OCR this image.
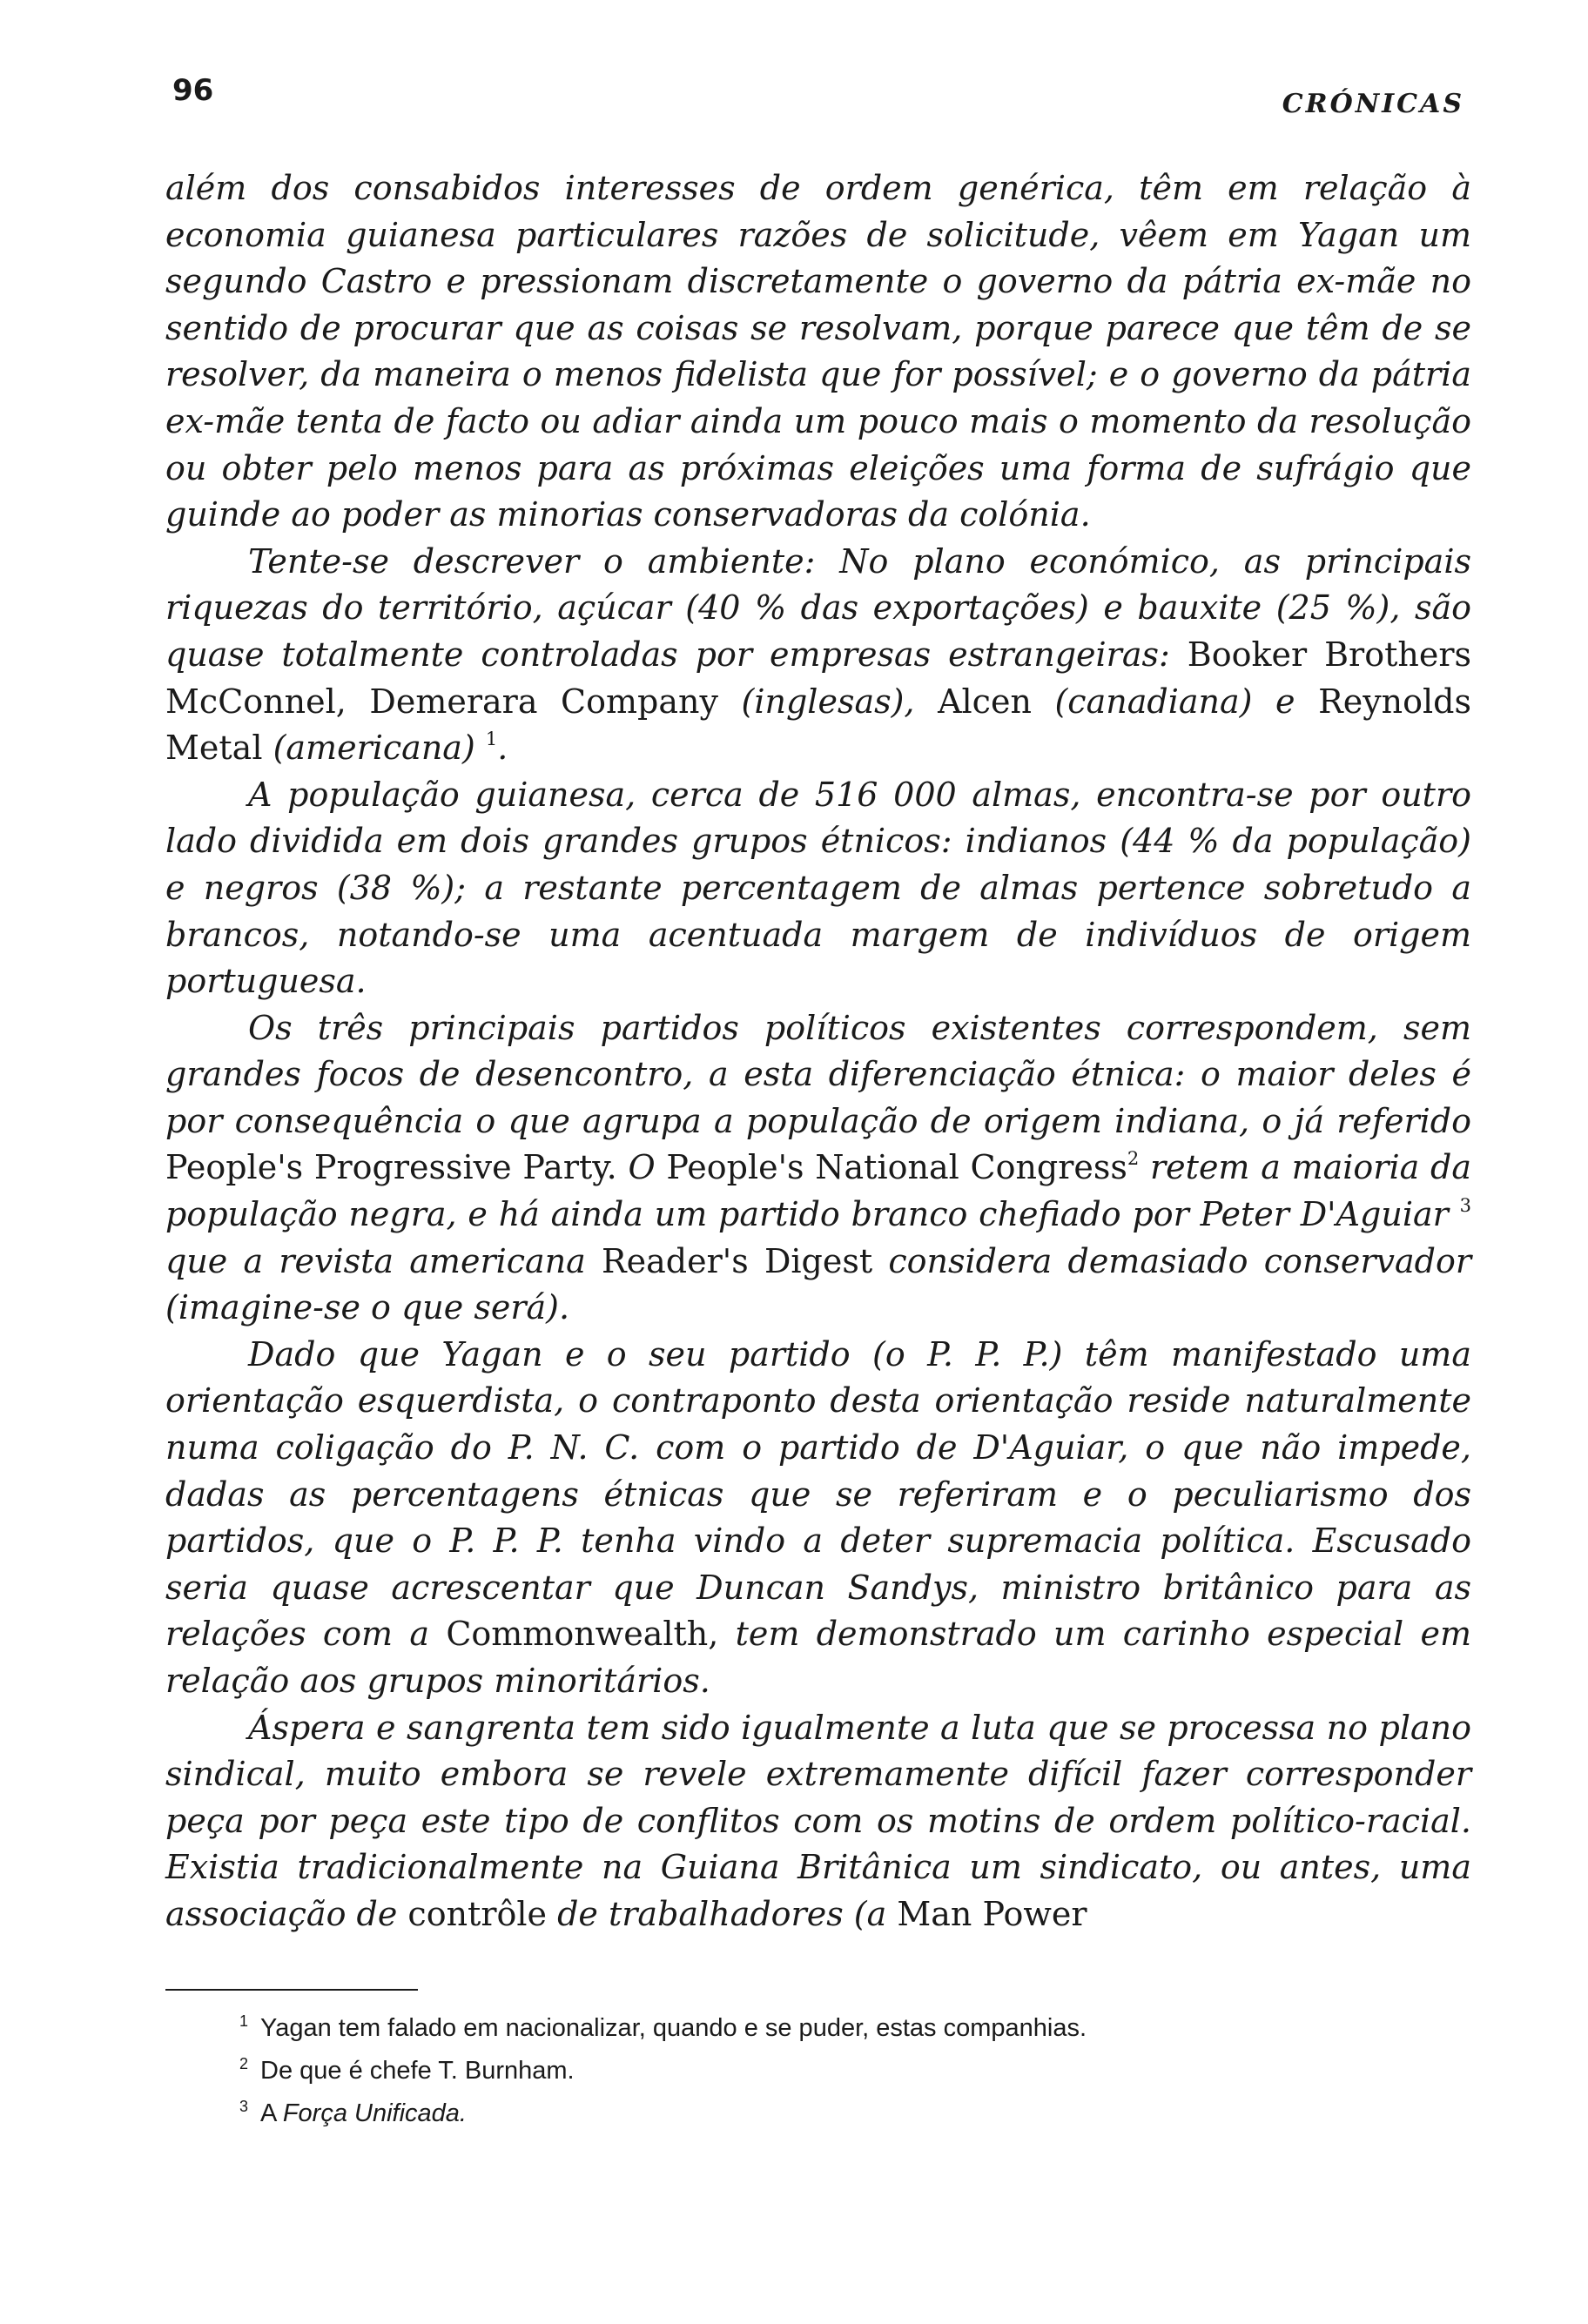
96	CRÓNICAS

além dos consabidos interesses de ordem genérica, têm em relação à economia guianesa particulares razões de solicitude, vêem em Yagan um segundo Castro e pressionam discretamente o governo da pátria ex-mãe no sentido de procurar que as coisas se resolvam, porque parece que têm de se resolver, da maneira o menos fidelista que for possível; e o governo da pátria ex-mãe tenta de facto ou adiar ainda um pouco mais o momento da resolução ou obter pelo menos para as próximas eleições uma forma de sufrágio que guinde ao poder as minorias conservadoras da colónia.

Tente-se descrever o ambiente: No plano económico, as principais riquezas do território, açúcar (40 % das exportações) e bauxite (25 %), são quase totalmente controladas por empresas estrangeiras: Booker Brothers McConnel, Demerara Company (inglesas), Alcen (canadiana) e Reynolds Metal (americana) $^1$.

A população guianesa, cerca de 516 000 almas, encontra-se por outro lado dividida em dois grandes grupos étnicos: indianos (44 % da população) e negros (38 %); a restante percentagem de almas pertence sobretudo a brancos, notando-se uma acentuada margem de indivíduos de origem portuguesa.

Os três principais partidos políticos existentes correspondem, sem grandes focos de desencontro, a esta diferenciação étnica: o maior deles é por consequência o que agrupa a população de origem indiana, o já referido People's Progressive Party. O People's National Congress$^2$ retem a maioria da população negra, e há ainda um partido branco chefiado por Peter D'Aguiar $^3$ que a revista americana Reader's Digest considera demasiado conservador (imagine-se o que será).

Dado que Yagan e o seu partido (o P. P. P.) têm manifestado uma orientação esquerdista, o contraponto desta orientação reside naturalmente numa coligação do P. N. C. com o partido de D'Aguiar, o que não impede, dadas as percentagens étnicas que se referiram e o peculiarismo dos partidos, que o P. P. P. tenha vindo a deter supremacia política. Escusado seria quase acrescentar que Duncan Sandys, ministro britânico para as relações com a Commonwealth, tem demonstrado um carinho especial em relação aos grupos minoritários.

Áspera e sangrenta tem sido igualmente a luta que se processa no plano sindical, muito embora se revele extremamente difícil fazer corresponder peça por peça este tipo de conflitos com os motins de ordem político-racial. Existia tradicionalmente na Guiana Britânica um sindicato, ou antes, uma associação de contrôle de trabalhadores (a Man Power

$^1$ Yagan tem falado em nacionalizar, quando e se puder, estas companhias.
$^2$ De que é chefe T. Burnham.
$^3$ A Força Unificada.
